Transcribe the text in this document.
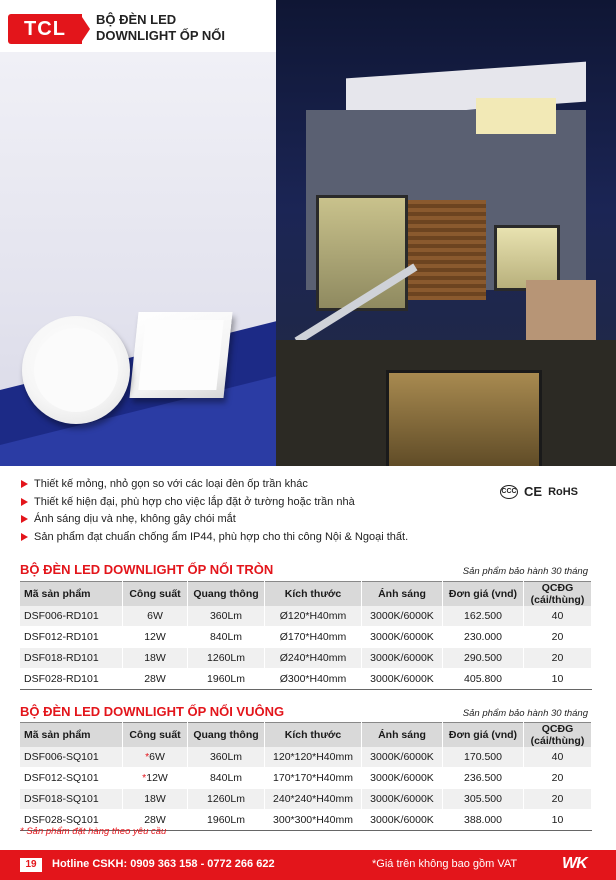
TCL	BỘ ĐÈN LED
DOWNLIGHT ỐP NỔI
Thiết kế mỏng, nhỏ gọn so với các loại đèn ốp trần khác
Thiết kế hiện đại, phù hợp cho việc lắp đặt ở tường hoặc trần nhà
Ánh sáng dịu và nhẹ, không gây chói mắt
Sản phẩm đạt chuẩn chống ẩm IP44, phù hợp cho thi công Nội & Ngoại thất.
CCC CE RoHS
BỘ ĐÈN LED DOWNLIGHT ỐP NỔI TRÒN	Sản phẩm bảo hành 30 tháng
Mã sản phẩm	Công suất	Quang thông	Kích thước	Ánh sáng	Đơn giá (vnd)	QCĐG (cái/thùng)
DSF006-RD101	6W	360Lm	Ø120*H40mm	3000K/6000K	162.500	40
DSF012-RD101	12W	840Lm	Ø170*H40mm	3000K/6000K	230.000	20
DSF018-RD101	18W	1260Lm	Ø240*H40mm	3000K/6000K	290.500	20
DSF028-RD101	28W	1960Lm	Ø300*H40mm	3000K/6000K	405.800	10
BỘ ĐÈN LED DOWNLIGHT ỐP NỔI VUÔNG	Sản phẩm bảo hành 30 tháng
Mã sản phẩm	Công suất	Quang thông	Kích thước	Ánh sáng	Đơn giá (vnd)	QCĐG (cái/thùng)
DSF006-SQ101	*6W	360Lm	120*120*H40mm	3000K/6000K	170.500	40
DSF012-SQ101	*12W	840Lm	170*170*H40mm	3000K/6000K	236.500	20
DSF018-SQ101	18W	1260Lm	240*240*H40mm	3000K/6000K	305.500	20
DSF028-SQ101	28W	1960Lm	300*300*H40mm	3000K/6000K	388.000	10
* Sản phẩm đặt hàng theo yêu cầu
19	Hotline CSKH: 0909 363 158 - 0772 266 622	*Giá trên không bao gồm VAT	WK
